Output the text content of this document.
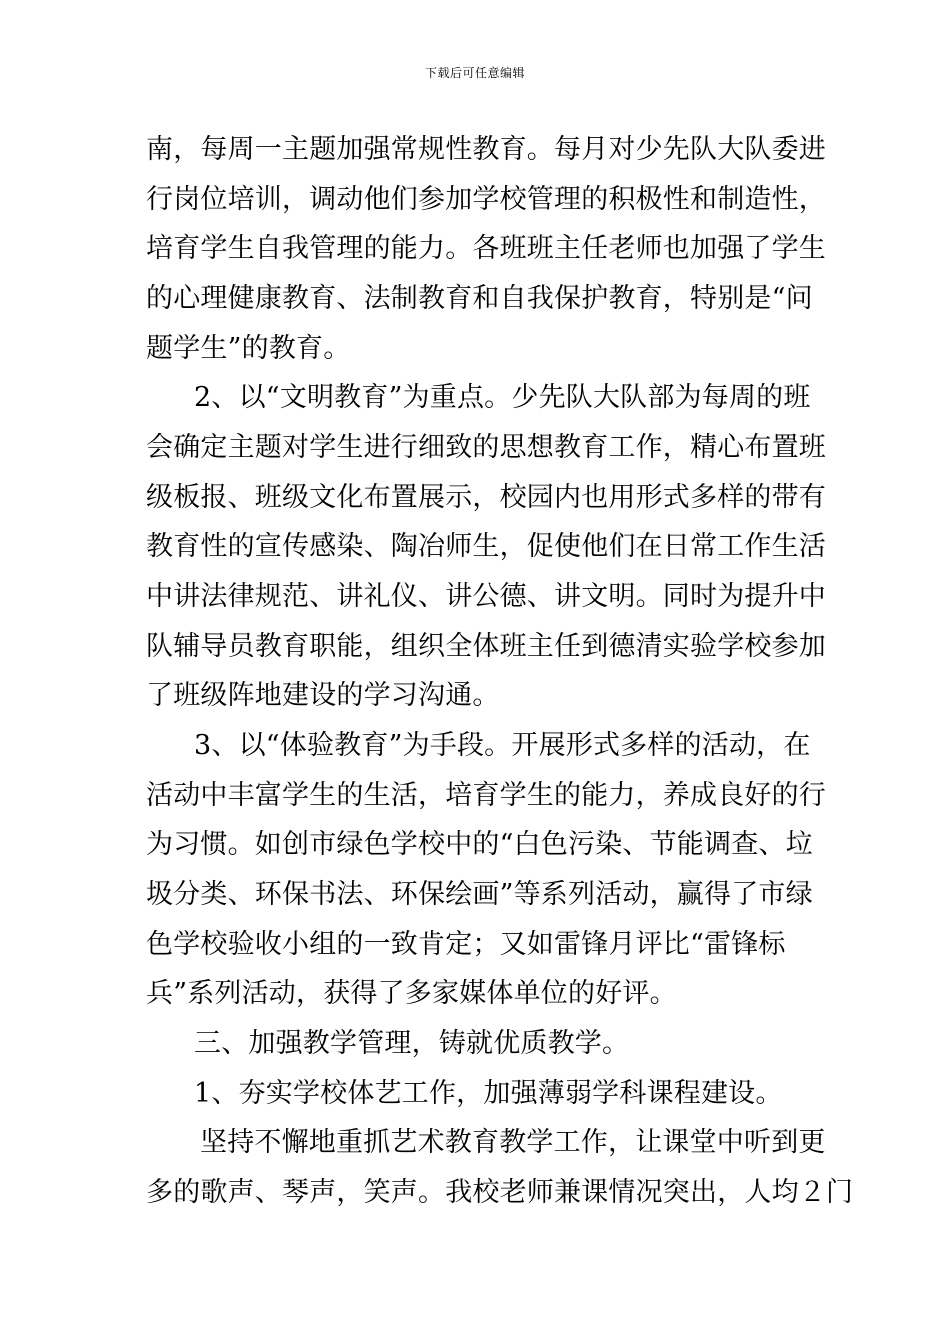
下载后可任意编辑
南，每周一主题加强常规性教育。每月对少先队大队委进
行岗位培训，调动他们参加学校管理的积极性和制造性，
培育学生自我管理的能力。各班班主任老师也加强了学生
的心理健康教育、法制教育和自我保护教育，特别是“问
题学生”的教育。
2、以“文明教育”为重点。少先队大队部为每周的班
会确定主题对学生进行细致的思想教育工作，精心布置班
级板报、班级文化布置展示，校园内也用形式多样的带有
教育性的宣传感染、陶冶师生，促使他们在日常工作生活
中讲法律规范、讲礼仪、讲公德、讲文明。同时为提升中
队辅导员教育职能，组织全体班主任到德清实验学校参加
了班级阵地建设的学习沟通。
3、以“体验教育”为手段。开展形式多样的活动，在
活动中丰富学生的生活，培育学生的能力，养成良好的行
为习惯。如创市绿色学校中的“白色污染、节能调查、垃
圾分类、环保书法、环保绘画”等系列活动，赢得了市绿
色学校验收小组的一致肯定；又如雷锋月评比“雷锋标
兵”系列活动，获得了多家媒体单位的好评。
三、加强教学管理，铸就优质教学。
1、夯实学校体艺工作，加强薄弱学科课程建设。
坚持不懈地重抓艺术教育教学工作，让课堂中听到更
多的歌声、琴声，笑声。我校老师兼课情况突出，人均２门
